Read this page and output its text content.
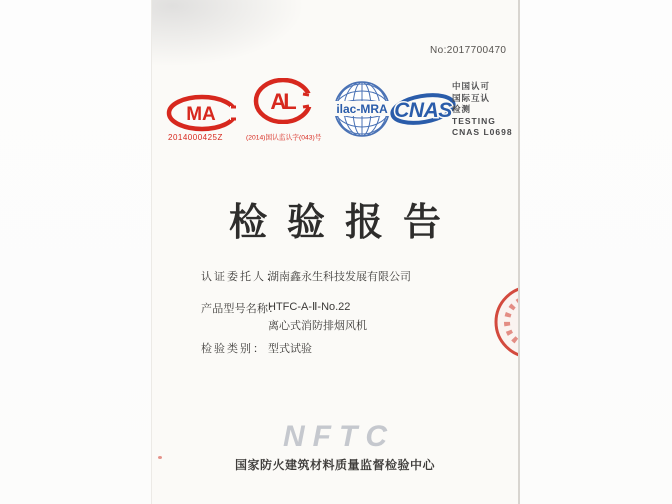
No:2017700470
MA
2014000425Z
AL
(2014)国认监认字(043)号
ilac-MRA CNAS
中国认可
国际互认
检测
TESTING
CNAS L0698
检验报告
认证委托人：
湖南鑫永生科技发展有限公司
产品型号名称：
HTFC-A-Ⅱ-No.22
离心式消防排烟风机
检验类别： 型式试验
NFTC
国家防火建筑材料质量监督检验中心
